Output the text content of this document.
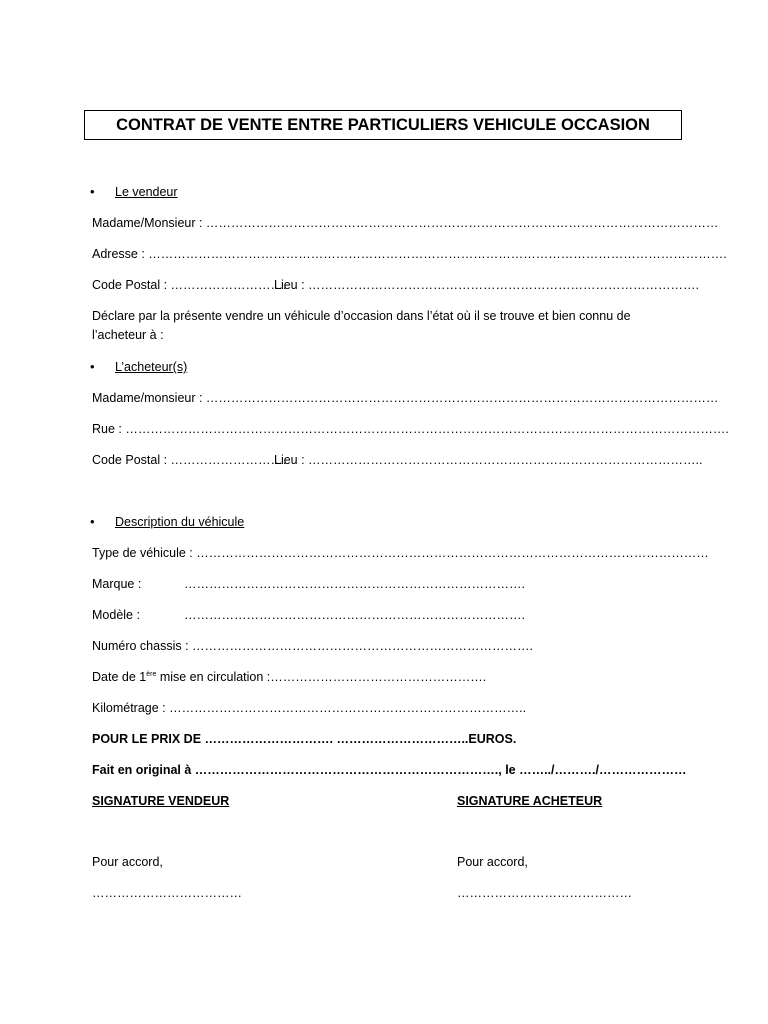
CONTRAT DE VENTE ENTRE PARTICULIERS VEHICULE OCCASION
• Le vendeur
Madame/Monsieur : ……………………………………………………………………………………………………………
Adresse : ………………………………………………………………………………………………………………………….
Code Postal : ……………………….
Lieu : ………………………………………………………………………………….
Déclare par la présente vendre un véhicule d’occasion dans l’état où il se trouve et bien connu de
l’acheteur à :
• L’acheteur(s)
Madame/monsieur : ……………………………………………………………………………………………………………
Rue : ……………………………………………………………………………………………………………………………….
Code Postal : ……………………….
Lieu : …………………………………………………………………………………..
• Description du véhicule
Type de véhicule : ……………………………………………………………………………………………………………
Marque :	……………………………………………………………………….
Modèle :	……………………………………………………………………….
Numéro chassis : ……………………………………………………………………….
Date de 1ère mise en circulation :…………………………………………….
Kilométrage : …………………………………………………………………………..
POUR LE PRIX DE …………………………. …………………………..EUROS.
Fait en original à ………………………………………………………………., le ……../………./…………………
SIGNATURE VENDEUR	SIGNATURE ACHETEUR
Pour accord,	Pour accord,
………………………………	……………………………………
